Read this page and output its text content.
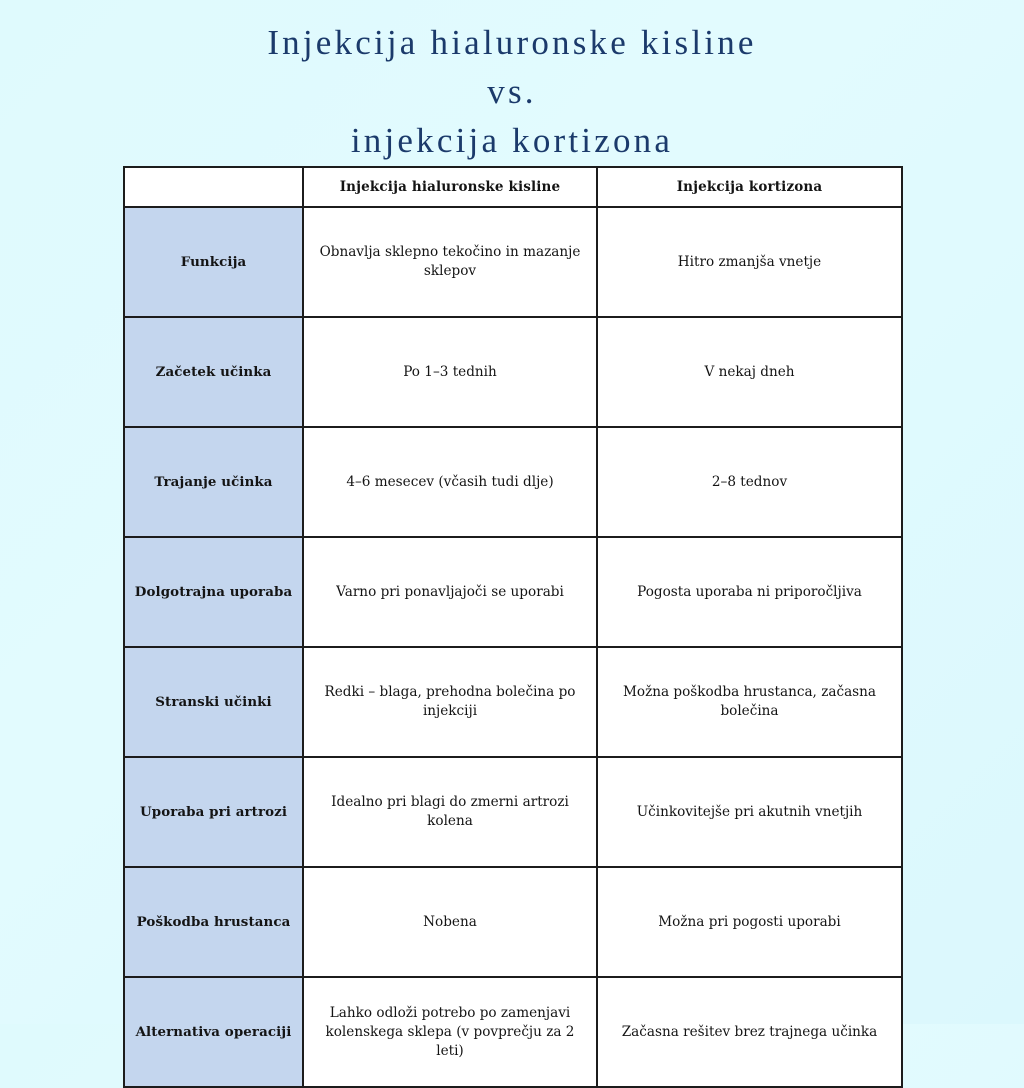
Injekcija hialuronske kisline
vs.
injekcija kortizona
	Injekcija hialuronske kisline	Injekcija kortizona
Funkcija	Obnavlja sklepno tekočino in mazanje sklepov	Hitro zmanjša vnetje
Začetek učinka	Po 1–3 tednih	V nekaj dneh
Trajanje učinka	4–6 mesecev (včasih tudi dlje)	2–8 tednov
Dolgotrajna uporaba	Varno pri ponavljajoči se uporabi	Pogosta uporaba ni priporočljiva
Stranski učinki	Redki – blaga, prehodna bolečina po injekciji	Možna poškodba hrustanca, začasna bolečina
Uporaba pri artrozi	Idealno pri blagi do zmerni artrozi kolena	Učinkovitejše pri akutnih vnetjih
Poškodba hrustanca	Nobena	Možna pri pogosti uporabi
Alternativa operaciji	Lahko odloži potrebo po zamenjavi kolenskega sklepa (v povprečju za 2 leti)	Začasna rešitev brez trajnega učinka
